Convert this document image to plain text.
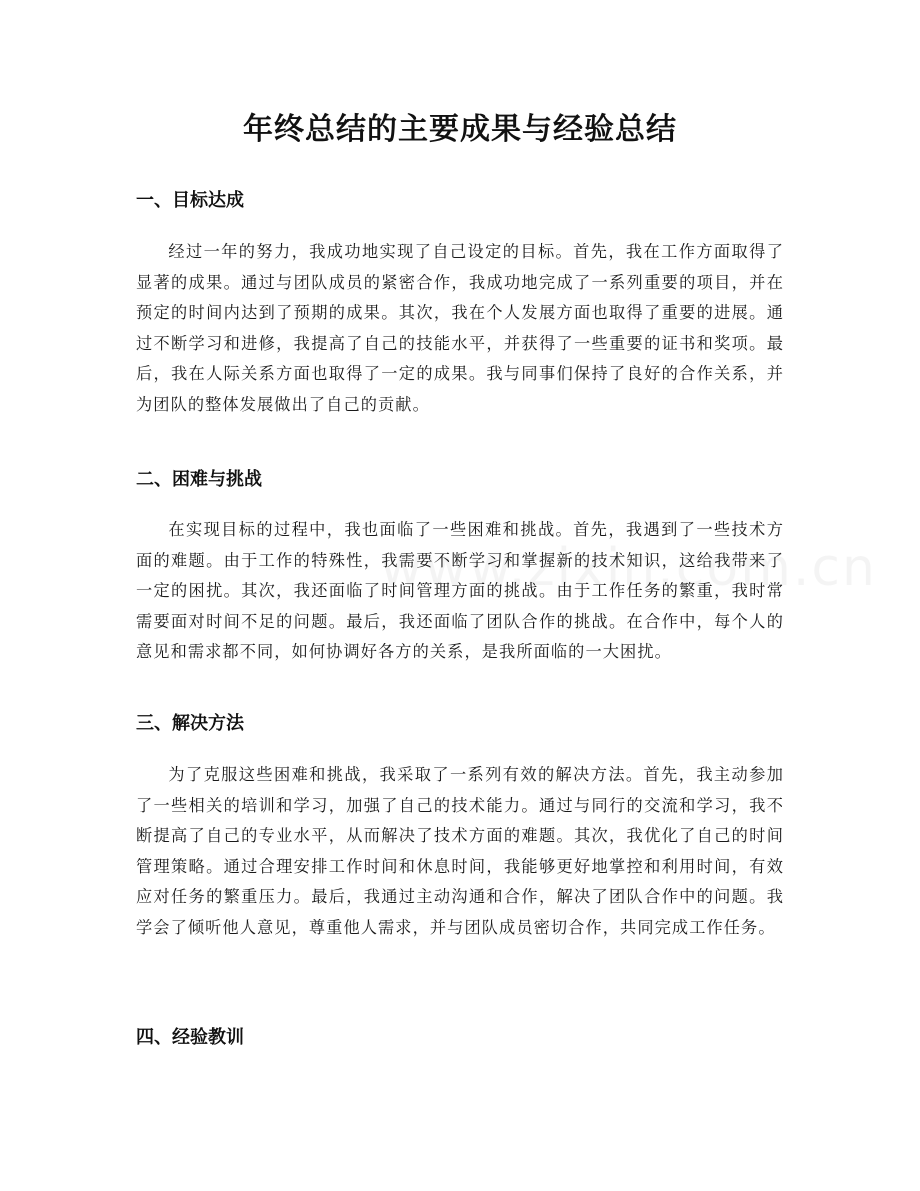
年终总结的主要成果与经验总结
一、目标达成

经过一年的努力，我成功地实现了自己设定的目标。首先，我在工作方面取得了显著的成果。通过与团队成员的紧密合作，我成功地完成了一系列重要的项目，并在预定的时间内达到了预期的成果。其次，我在个人发展方面也取得了重要的进展。通过不断学习和进修，我提高了自己的技能水平，并获得了一些重要的证书和奖项。最后，我在人际关系方面也取得了一定的成果。我与同事们保持了良好的合作关系，并为团队的整体发展做出了自己的贡献。

二、困难与挑战

在实现目标的过程中，我也面临了一些困难和挑战。首先，我遇到了一些技术方面的难题。由于工作的特殊性，我需要不断学习和掌握新的技术知识，这给我带来了一定的困扰。其次，我还面临了时间管理方面的挑战。由于工作任务的繁重，我时常需要面对时间不足的问题。最后，我还面临了团队合作的挑战。在合作中，每个人的意见和需求都不同，如何协调好各方的关系，是我所面临的一大困扰。

三、解决方法

为了克服这些困难和挑战，我采取了一系列有效的解决方法。首先，我主动参加了一些相关的培训和学习，加强了自己的技术能力。通过与同行的交流和学习，我不断提高了自己的专业水平，从而解决了技术方面的难题。其次，我优化了自己的时间管理策略。通过合理安排工作时间和休息时间，我能够更好地掌控和利用时间，有效应对任务的繁重压力。最后，我通过主动沟通和合作，解决了团队合作中的问题。我学会了倾听他人意见，尊重他人需求，并与团队成员密切合作，共同完成工作任务。

四、经验教训
